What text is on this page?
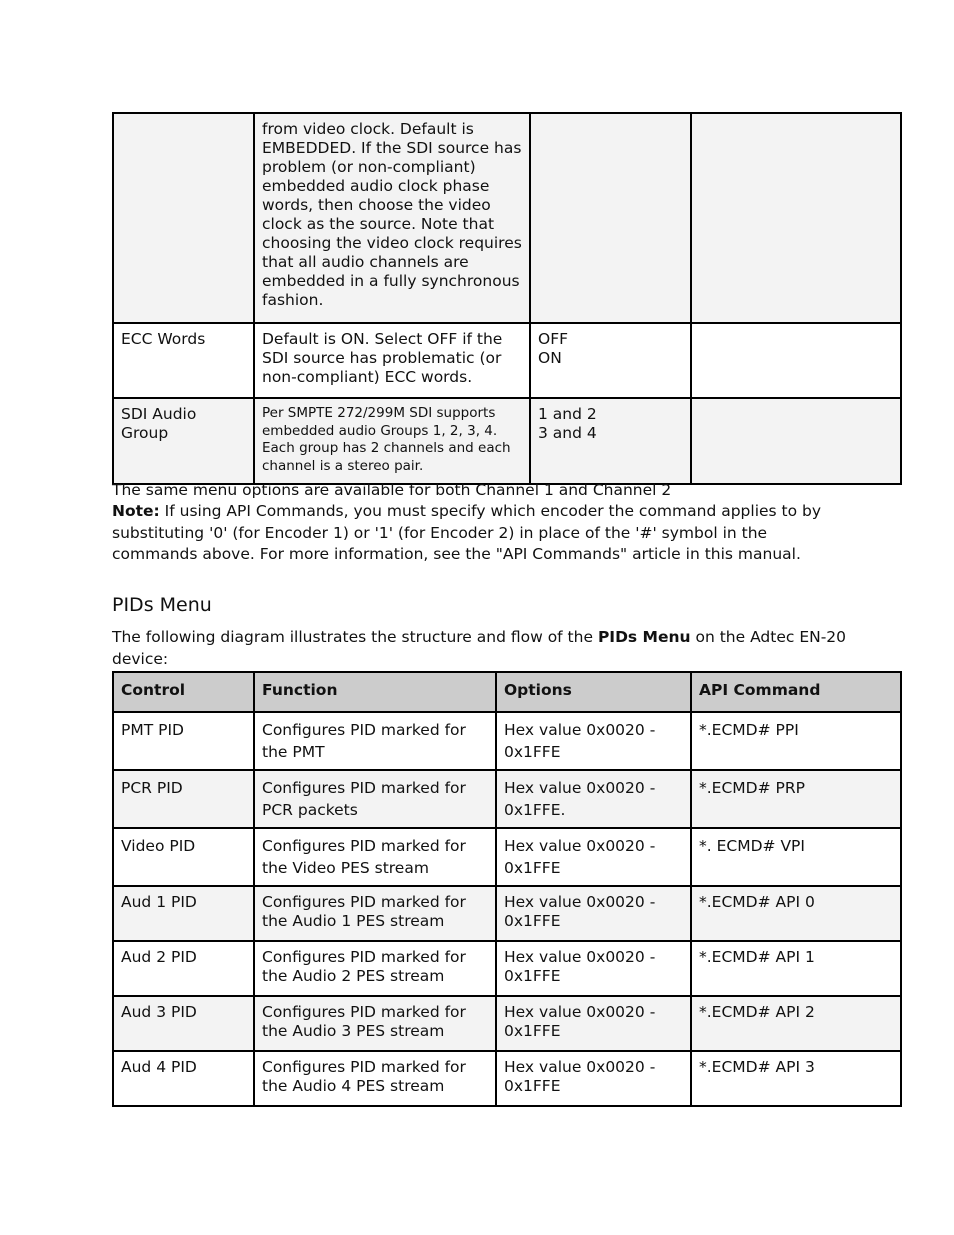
	from video clock. Default is EMBEDDED. If the SDI source has problem (or non-compliant) embedded audio clock phase words, then choose the video clock as the source. Note that choosing the video clock requires that all audio channels are embedded in a fully synchronous fashion.		
ECC Words	Default is ON. Select OFF if the SDI source has problematic (or non-compliant) ECC words.	OFF
ON	

SDI Audio Group	Per SMPTE 272/299M SDI supports embedded audio Groups 1, 2, 3, 4. Each group has 2 channels and each channel is a stereo pair.	1 and 2
3 and 4	

The same menu options are available for both Channel 1 and Channel 2

Note: If using API Commands, you must specify which encoder the command applies to by substituting '0' (for Encoder 1) or '1' (for Encoder 2) in place of the '#' symbol in the commands above. For more information, see the "API Commands" article in this manual.

PIDs Menu

The following diagram illustrates the structure and flow of the PIDs Menu on the Adtec EN-20 device:

Control	Function	Options	API Command
PMT PID	Configures PID marked for the PMT	Hex value 0x0020 - 0x1FFE	*.ECMD# PPI
PCR PID	Configures PID marked for PCR packets	Hex value 0x0020 - 0x1FFE.	*.ECMD# PRP
Video PID	Configures PID marked for the Video PES stream	Hex value 0x0020 - 0x1FFE	*. ECMD# VPI
Aud 1 PID	Configures PID marked for the Audio 1 PES stream	Hex value 0x0020 - 0x1FFE	*.ECMD# API 0
Aud 2 PID	Configures PID marked for the Audio 2 PES stream	Hex value 0x0020 - 0x1FFE	*.ECMD# API 1
Aud 3 PID	Configures PID marked for the Audio 3 PES stream	Hex value 0x0020 - 0x1FFE	*.ECMD# API 2
Aud 4 PID	Configures PID marked for the Audio 4 PES stream	Hex value 0x0020 - 0x1FFE	*.ECMD# API 3
